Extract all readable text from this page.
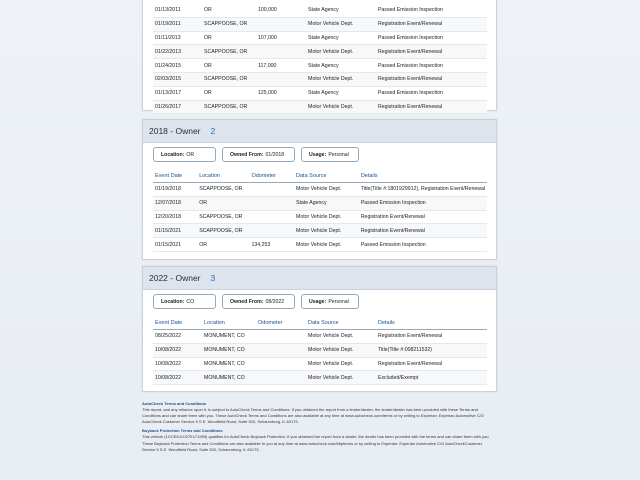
01/13/2011	OR	100,000	State Agency	Passed Emission Inspection
01/19/2011	SCAPPOOSE, OR		Motor Vehicle Dept.	Registration Event/Renewal
01/11/2013	OR	107,000	State Agency	Passed Emission Inspection
01/22/2013	SCAPPOOSE, OR		Motor Vehicle Dept.	Registration Event/Renewal
01/24/2015	OR	117,000	State Agency	Passed Emission Inspection
02/03/2015	SCAPPOOSE, OR		Motor Vehicle Dept.	Registration Event/Renewal
01/13/2017	OR	125,000	State Agency	Passed Emission Inspection
01/26/2017	SCAPPOOSE, OR		Motor Vehicle Dept.	Registration Event/Renewal
2018 - Owner 2
Location: OR	Owned From: 01/2018	Usage: Personal
Event Date	Location	Odometer	Data Source	Details
01/19/2018	SCAPPOOSE, OR		Motor Vehicle Dept.	Title(Title #:1801929912), Registration Event/Renewal
12/07/2018	OR		State Agency	Passed Emission Inspection
12/20/2018	SCAPPOOSE, OR		Motor Vehicle Dept.	Registration Event/Renewal
01/15/2021	SCAPPOOSE, OR		Motor Vehicle Dept.	Registration Event/Renewal
01/15/2021	OR	134,253	Motor Vehicle Dept.	Passed Emission Inspection
2022 - Owner 3
Location: CO	Owned From: 08/2022	Usage: Personal
Event Date	Location	Odometer	Data Source	Details
08/25/2022	MONUMENT, CO		Motor Vehicle Dept.	Registration Event/Renewal
10/08/2022	MONUMENT, CO		Motor Vehicle Dept.	Title(Title #:008211532)
10/08/2022	MONUMENT, CO		Motor Vehicle Dept.	Registration Event/Renewal
10/08/2022	MONUMENT, CO		Motor Vehicle Dept.	Excluded/Exempt

AutoCheck Terms and Conditions
This report, and any reliance upon it, is subject to AutoCheck Terms and Conditions. If you obtained the report from a lender/dealer, the lender/dealer has been provided with these Terms and Conditions and can share them with you. These AutoCheck Terms and Conditions are also available at any time at www.autocheck.com/terms or by writing to Experian: Experian Automotive C/O AutoCheck Customer Service 5 S.E. Woodfield Road, Suite 300, Schaumburg, IL 60173.

Buyback Protection Terms and Conditions
This vehicle (1GCEK19J27E171959) qualifies for AutoCheck Buyback Protection. If you obtained the report from a dealer, the dealer has been provided with the terms and can share them with you. These Buyback Protection Terms and Conditions are also available to you at any time at www.autocheck.com/bbpterms or by writing to Experian: Experian Automotive C/O AutoCheckCustomer Service 5 S.E. Woodfield Road, Suite 300, Schaumburg, IL 60173.
